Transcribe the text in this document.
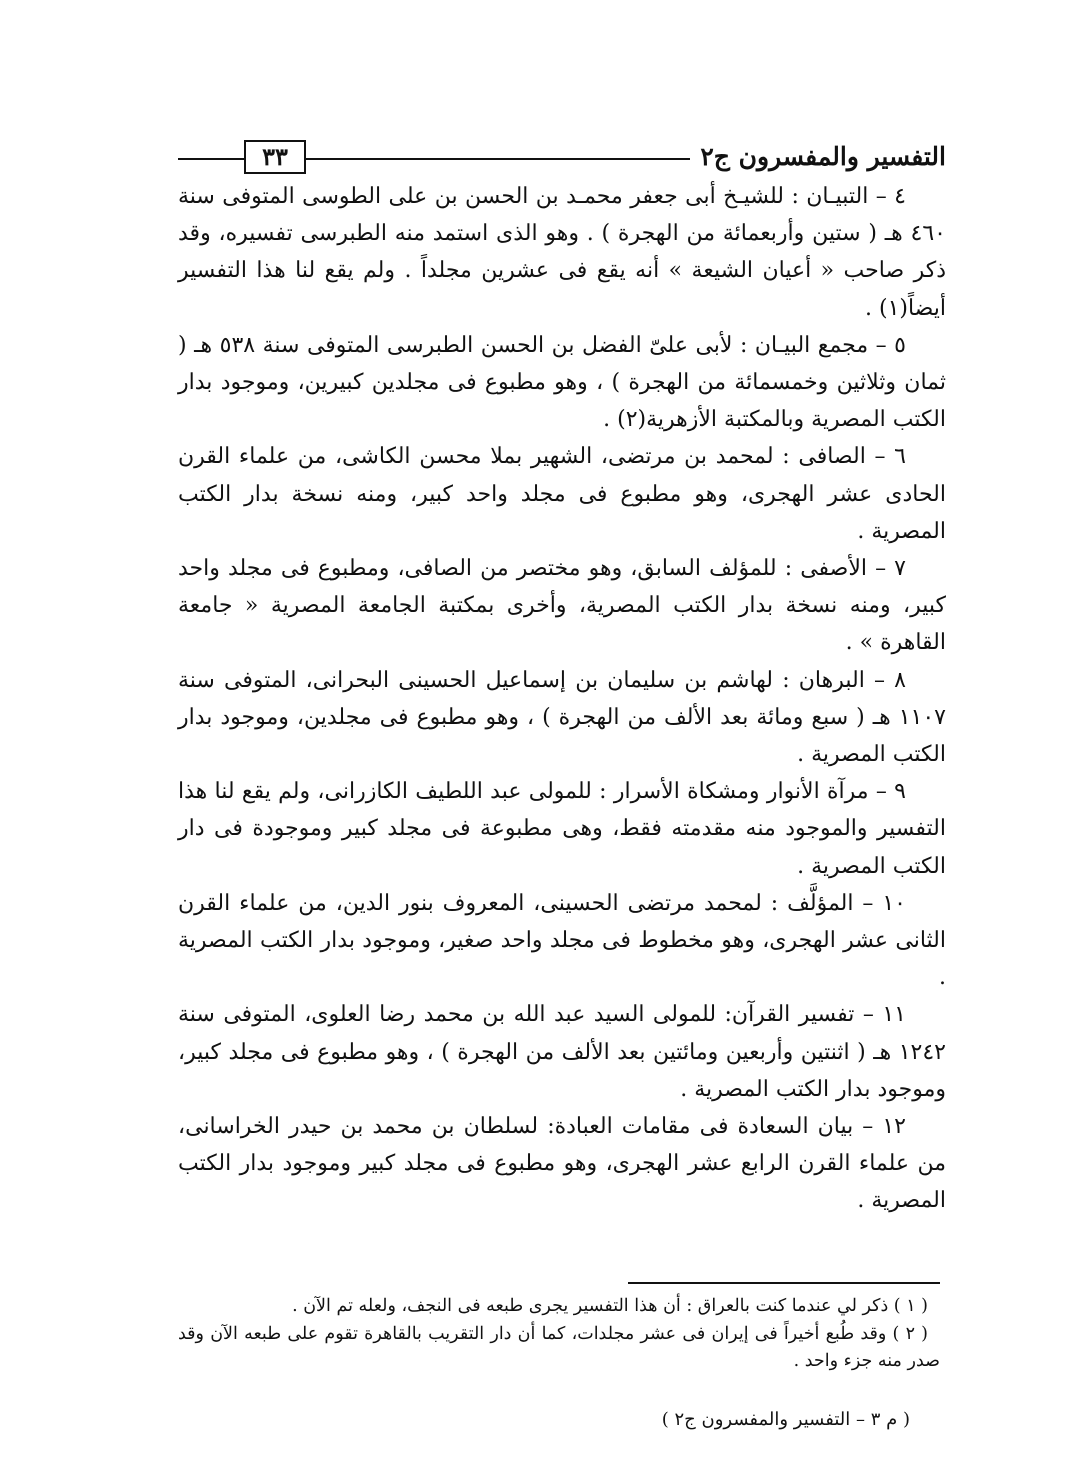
التفسير والمفسرون ج٢
٣٣

٤ – التبيـان : للشيـخ أبى جعفر محمـد بن الحسن بن على الطوسى المتوفى سنة ٤٦٠ هـ ( ستين وأربعمائة من الهجرة ) . وهو الذى استمد منه الطبرسى تفسيره، وقد ذكر صاحب « أعيان الشيعة » أنه يقع فى عشرين مجلداً . ولم يقع لنا هذا التفسير أيضاً(١) .

٥ – مجمع البيـان : لأبى علىّ الفضل بن الحسن الطبرسى المتوفى سنة ٥٣٨ هـ ( ثمان وثلاثين وخمسمائة من الهجرة ) ، وهو مطبوع فى مجلدين كبيرين، وموجود بدار الكتب المصرية وبالمكتبة الأزهرية(٢) .

٦ – الصافى : لمحمد بن مرتضى، الشهير بملا محسن الكاشى، من علماء القرن الحادى عشر الهجرى، وهو مطبوع فى مجلد واحد كبير، ومنه نسخة بدار الكتب المصرية .

٧ – الأصفى : للمؤلف السابق، وهو مختصر من الصافى، ومطبوع فى مجلد واحد كبير، ومنه نسخة بدار الكتب المصرية، وأخرى بمكتبة الجامعة المصرية « جامعة القاهرة » .

٨ – البرهان : لهاشم بن سليمان بن إسماعيل الحسينى البحرانى، المتوفى سنة ١١٠٧ هـ ( سبع ومائة بعد الألف من الهجرة ) ، وهو مطبوع فى مجلدين، وموجود بدار الكتب المصرية .

٩ – مرآة الأنوار ومشكاة الأسرار : للمولى عبد اللطيف الكازرانى، ولم يقع لنا هذا التفسير والموجود منه مقدمته فقط، وهى مطبوعة فى مجلد كبير وموجودة فى دار الكتب المصرية .

١٠ – المؤلَّف : لمحمد مرتضى الحسينى، المعروف بنور الدين، من علماء القرن الثانى عشر الهجرى، وهو مخطوط فى مجلد واحد صغير، وموجود بدار الكتب المصرية .

١١ – تفسير القرآن: للمولى السيد عبد الله بن محمد رضا العلوى، المتوفى سنة ١٢٤٢ هـ ( اثنتين وأربعين ومائتين بعد الألف من الهجرة ) ، وهو مطبوع فى مجلد كبير، وموجود بدار الكتب المصرية .

١٢ – بيان السعادة فى مقامات العبادة: لسلطان بن محمد بن حيدر الخراسانى، من علماء القرن الرابع عشر الهجرى، وهو مطبوع فى مجلد كبير وموجود بدار الكتب المصرية .

( ١ ) ذكر لي عندما كنت بالعراق : أن هذا التفسير يجرى طبعه فى النجف، ولعله تم الآن .

( ٢ ) وقد طُبع أخيراً فى إيران فى عشر مجلدات، كما أن دار التقريب بالقاهرة تقوم على طبعه الآن وقد صدر منه جزء واحد .

( م ٣ – التفسير والمفسرون ج٢ )
